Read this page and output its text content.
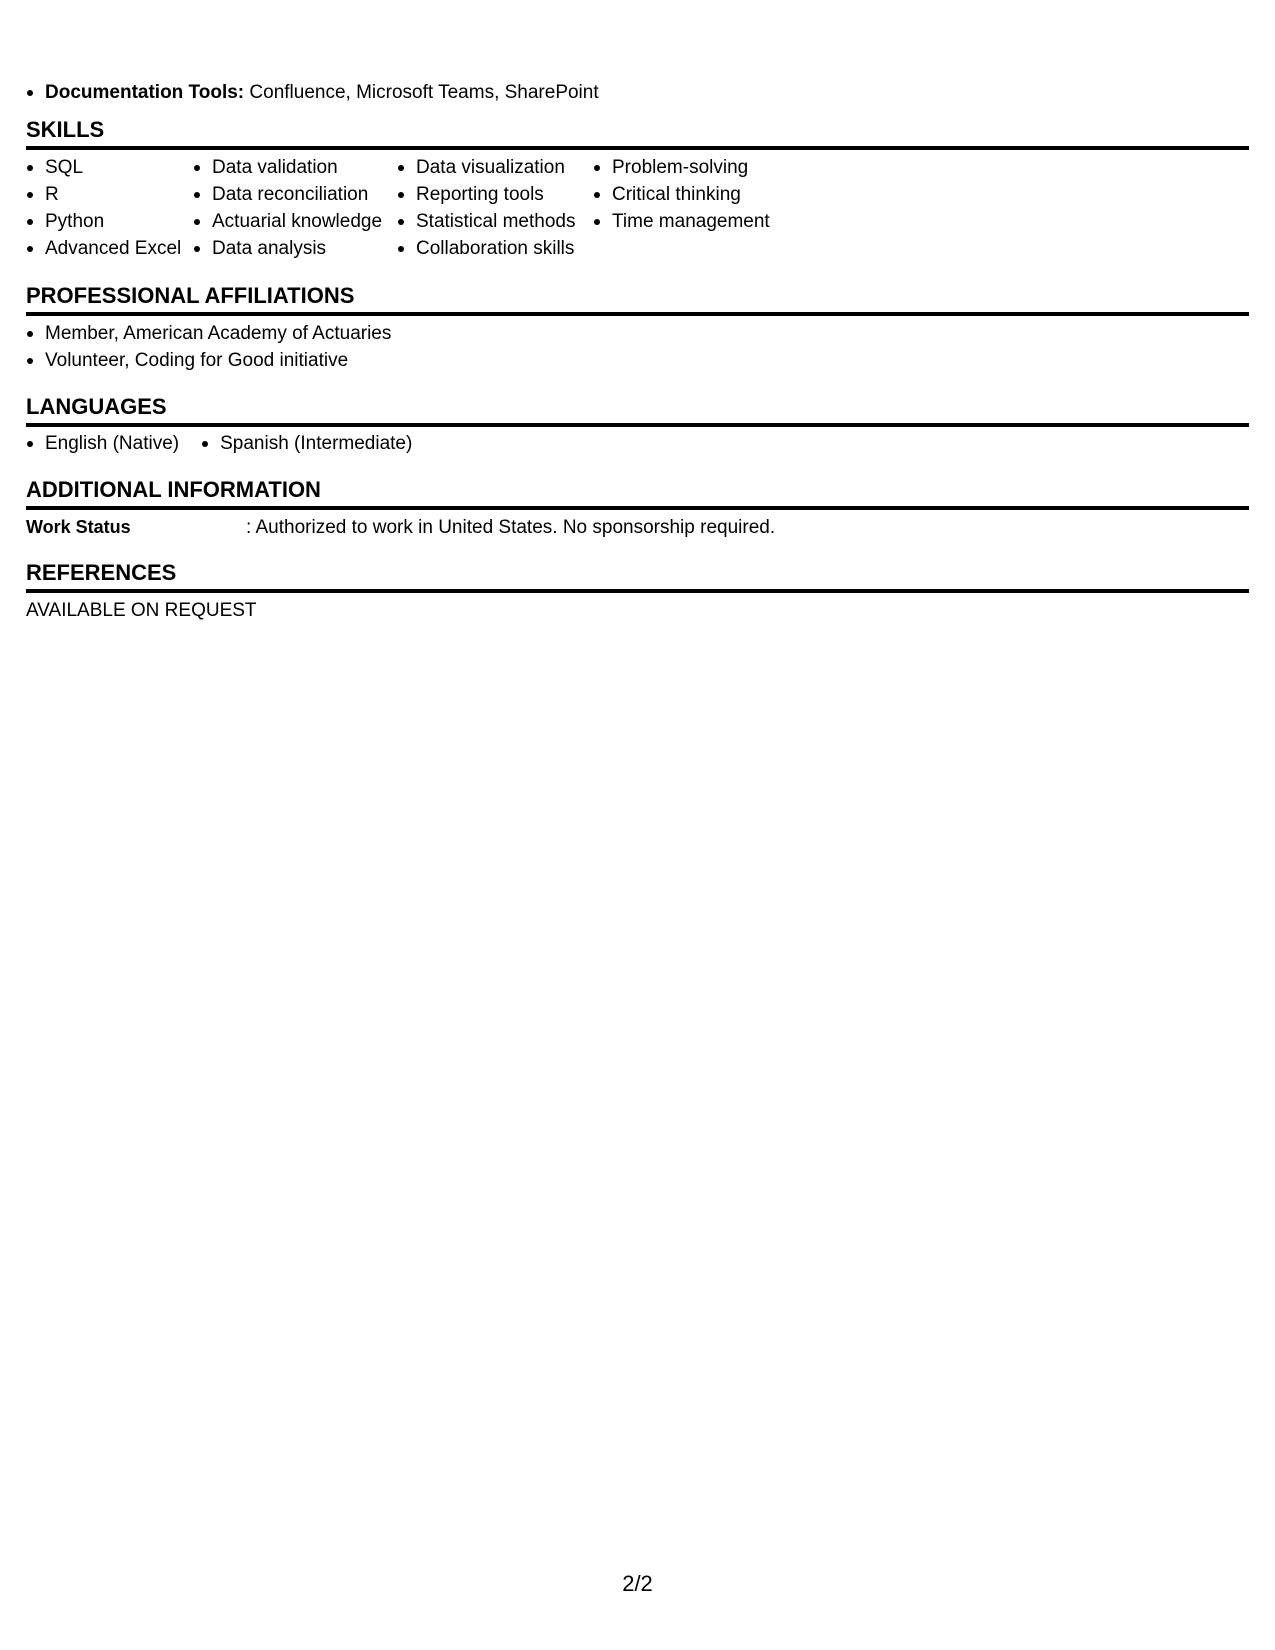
Documentation Tools: Confluence, Microsoft Teams, SharePoint
SKILLS
SQL
R
Python
Advanced Excel
Data validation
Data reconciliation
Actuarial knowledge
Data analysis
Data visualization
Reporting tools
Statistical methods
Collaboration skills
Problem-solving
Critical thinking
Time management
PROFESSIONAL AFFILIATIONS
Member, American Academy of Actuaries
Volunteer, Coding for Good initiative
LANGUAGES
English (Native)	Spanish (Intermediate)
ADDITIONAL INFORMATION
Work Status	: Authorized to work in United States. No sponsorship required.
REFERENCES
AVAILABLE ON REQUEST
2/2
